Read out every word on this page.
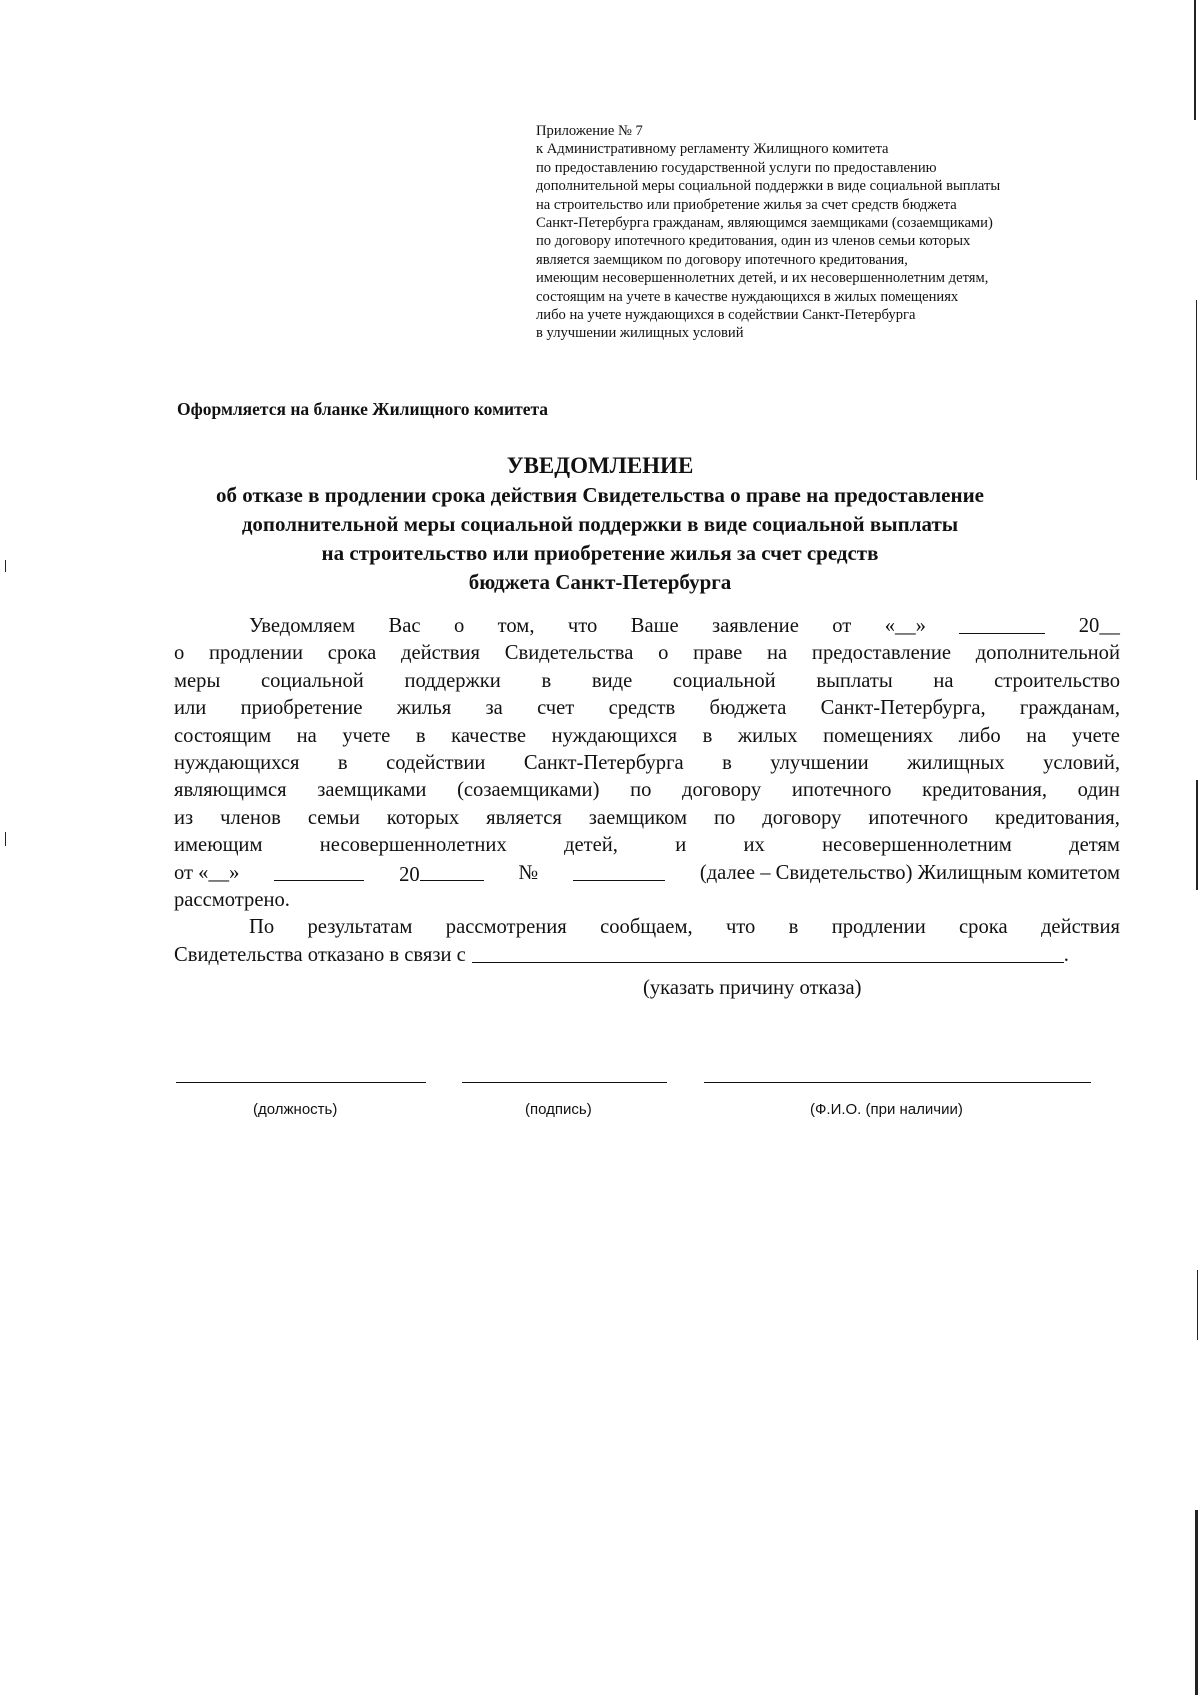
Приложение № 7
к Административному регламенту Жилищного комитета
по предоставлению государственной услуги по предоставлению
дополнительной меры социальной поддержки в виде социальной выплаты
на строительство или приобретение жилья за счет средств бюджета
Санкт-Петербурга гражданам, являющимся заемщиками (созаемщиками)
по договору ипотечного кредитования, один из членов семьи которых
является заемщиком по договору ипотечного кредитования,
имеющим несовершеннолетних детей, и их несовершеннолетним детям,
состоящим на учете в качестве нуждающихся в жилых помещениях
либо на учете нуждающихся в содействии Санкт-Петербурга
в улучшении жилищных условий
Оформляется на бланке Жилищного комитета
УВЕДОМЛЕНИЕ
об отказе в продлении срока действия Свидетельства о праве на предоставление
дополнительной меры социальной поддержки в виде социальной выплаты
на строительство или приобретение жилья за счет средств
бюджета Санкт-Петербурга
Уведомляем Вас о том, что Ваше заявление от «__»	20__
о продлении срока действия Свидетельства о праве на предоставление дополнительной
меры социальной поддержки в виде социальной выплаты на строительство
или приобретение жилья за счет средств бюджета Санкт-Петербурга, гражданам,
состоящим на учете в качестве нуждающихся в жилых помещениях либо на учете
нуждающихся в содействии Санкт-Петербурга в улучшении жилищных условий,
являющимся заемщиками (созаемщиками) по договору ипотечного кредитования, один
из членов семьи которых является заемщиком по договору ипотечного кредитования,
имеющим	несовершеннолетних	детей,	и	их	несовершеннолетним	детям
от «__»	20	№	(далее – Свидетельство) Жилищным комитетом
рассмотрено.
По результатам рассмотрения сообщаем, что в продлении срока действия
Свидетельства отказано в связи с	.
(указать причину отказа)
(должность)	(подпись)	(Ф.И.О. (при наличии)
